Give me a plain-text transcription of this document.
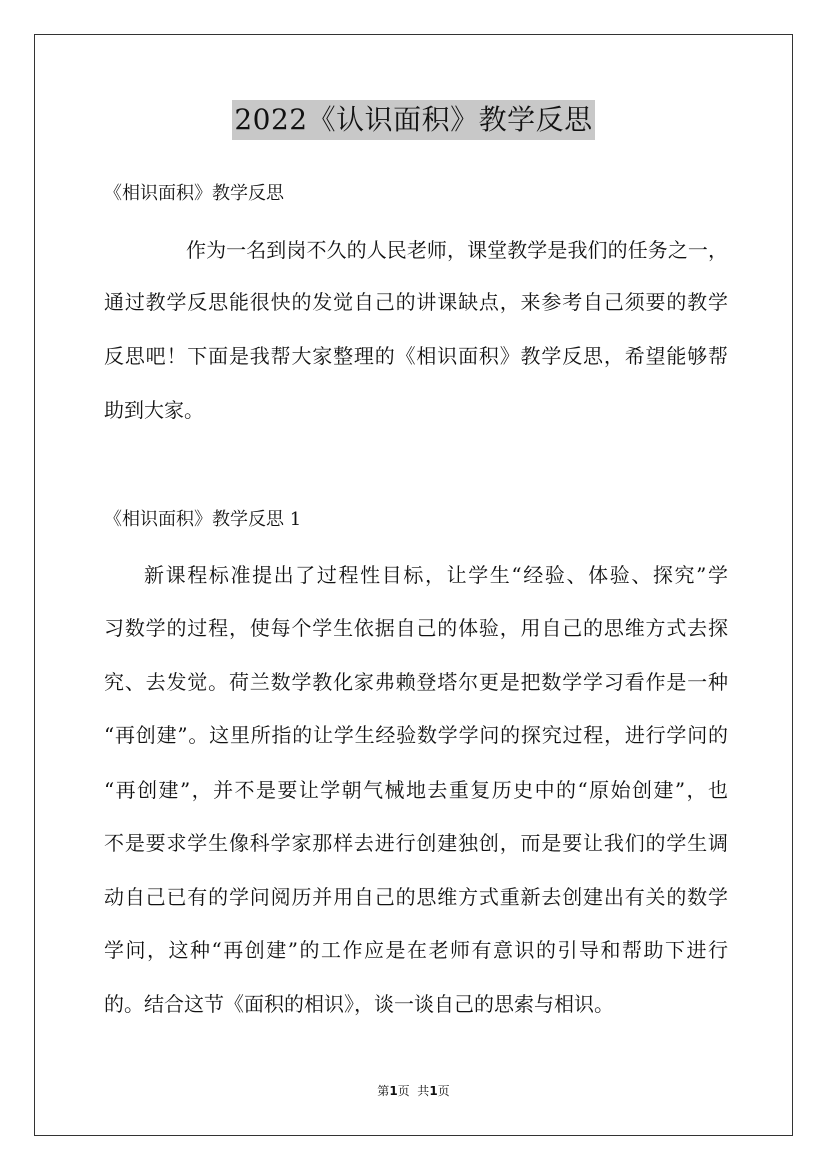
2022《认识面积》教学反思
《相识面积》教学反思
作为一名到岗不久的人民老师，课堂教学是我们的任务之一，
通过教学反思能很快的发觉自己的讲课缺点，来参考自己须要的教学
反思吧！下面是我帮大家整理的《相识面积》教学反思，希望能够帮
助到大家。
《相识面积》教学反思 1
新课程标准提出了过程性目标，让学生“经验、体验、探究”学
习数学的过程，使每个学生依据自己的体验，用自己的思维方式去探
究、去发觉。荷兰数学教化家弗赖登塔尔更是把数学学习看作是一种
“再创建”。这里所指的让学生经验数学学问的探究过程，进行学问的
“再创建”，并不是要让学朝气械地去重复历史中的“原始创建”，也
不是要求学生像科学家那样去进行创建独创，而是要让我们的学生调
动自己已有的学问阅历并用自己的思维方式重新去创建出有关的数学
学问，这种“再创建”的工作应是在老师有意识的引导和帮助下进行
的。结合这节《面积的相识》，谈一谈自己的思索与相识。
第1页  共1页
